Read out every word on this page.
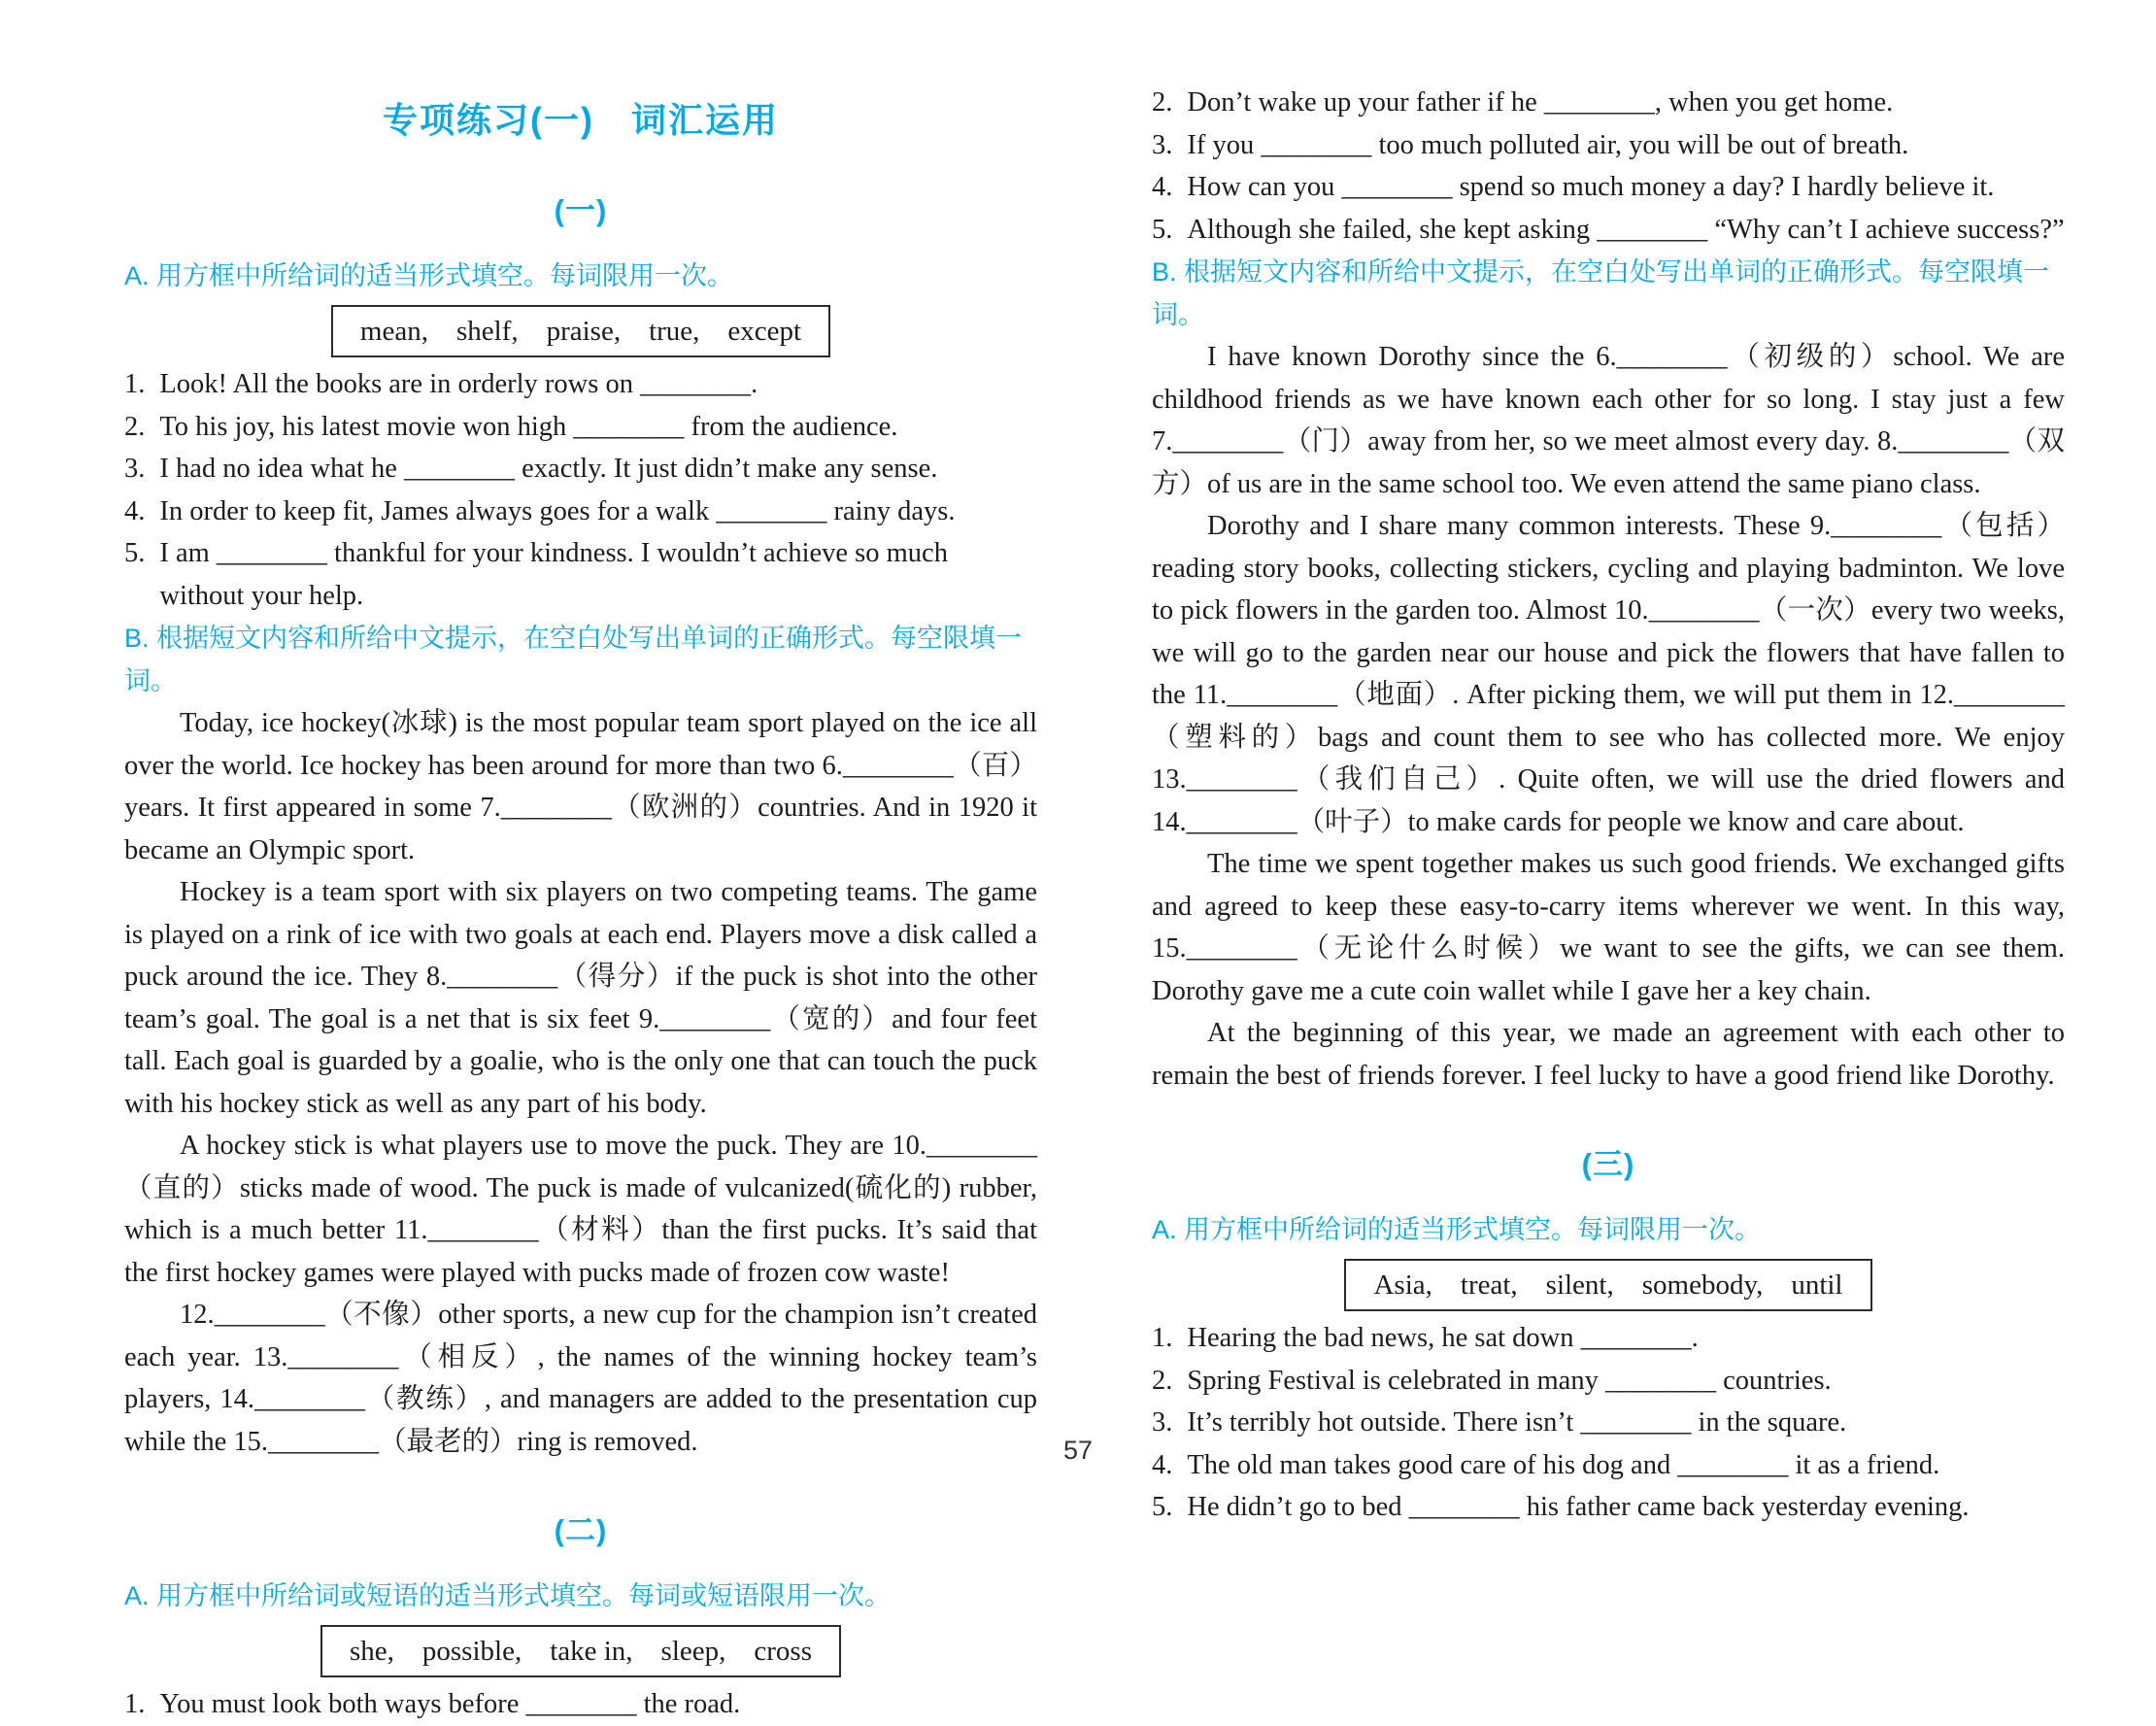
专项练习(一)　词汇运用
(一)
A. 用方框中所给词的适当形式填空。每词限用一次。
mean,    shelf,    praise,    true,    except
1. Look! All the books are in orderly rows on ________.
2. To his joy, his latest movie won high ________ from the audience.
3. I had no idea what he ________ exactly. It just didn’t make any sense.
4. In order to keep fit, James always goes for a walk ________ rainy days.
5. I am ________ thankful for your kindness. I wouldn’t achieve so much without your help.
B. 根据短文内容和所给中文提示，在空白处写出单词的正确形式。每空限填一词。
Today, ice hockey(冰球) is the most popular team sport played on the ice all over the world. Ice hockey has been around for more than two 6.________（百）years. It first appeared in some 7.________（欧洲的）countries. And in 1920 it became an Olympic sport.
Hockey is a team sport with six players on two competing teams. The game is played on a rink of ice with two goals at each end. Players move a disk called a puck around the ice. They 8.________（得分）if the puck is shot into the other team’s goal. The goal is a net that is six feet 9.________（宽的）and four feet tall. Each goal is guarded by a goalie, who is the only one that can touch the puck with his hockey stick as well as any part of his body.
A hockey stick is what players use to move the puck. They are 10.________（直的）sticks made of wood. The puck is made of vulcanized(硫化的) rubber, which is a much better 11.________（材料）than the first pucks. It’s said that the first hockey games were played with pucks made of frozen cow waste!
12.________（不像）other sports, a new cup for the champion isn’t created each year. 13.________（相反）, the names of the winning hockey team’s players, 14.________（教练）, and managers are added to the presentation cup while the 15.________（最老的）ring is removed.
(二)
A. 用方框中所给词或短语的适当形式填空。每词或短语限用一次。
she,    possible,    take in,    sleep,    cross
1. You must look both ways before ________ the road.
2. Don’t wake up your father if he ________, when you get home.
3. If you ________ too much polluted air, you will be out of breath.
4. How can you ________ spend so much money a day? I hardly believe it.
5. Although she failed, she kept asking ________ “Why can’t I achieve success?”
B. 根据短文内容和所给中文提示，在空白处写出单词的正确形式。每空限填一词。
I have known Dorothy since the 6.________（初级的）school. We are childhood friends as we have known each other for so long. I stay just a few 7.________（门）away from her, so we meet almost every day. 8.________（双方）of us are in the same school too. We even attend the same piano class.
Dorothy and I share many common interests. These 9.________（包括）reading story books, collecting stickers, cycling and playing badminton. We love to pick flowers in the garden too. Almost 10.________（一次）every two weeks, we will go to the garden near our house and pick the flowers that have fallen to the 11.________（地面）. After picking them, we will put them in 12.________（塑料的）bags and count them to see who has collected more. We enjoy 13.________（我们自己）. Quite often, we will use the dried flowers and 14.________（叶子）to make cards for people we know and care about.
The time we spent together makes us such good friends. We exchanged gifts and agreed to keep these easy-to-carry items wherever we went. In this way, 15.________（无论什么时候）we want to see the gifts, we can see them. Dorothy gave me a cute coin wallet while I gave her a key chain.
At the beginning of this year, we made an agreement with each other to remain the best of friends forever. I feel lucky to have a good friend like Dorothy.
(三)
A. 用方框中所给词的适当形式填空。每词限用一次。
Asia,    treat,    silent,    somebody,    until
1. Hearing the bad news, he sat down ________.
2. Spring Festival is celebrated in many ________ countries.
3. It’s terribly hot outside. There isn’t ________ in the square.
4. The old man takes good care of his dog and ________ it as a friend.
5. He didn’t go to bed ________ his father came back yesterday evening.
57
